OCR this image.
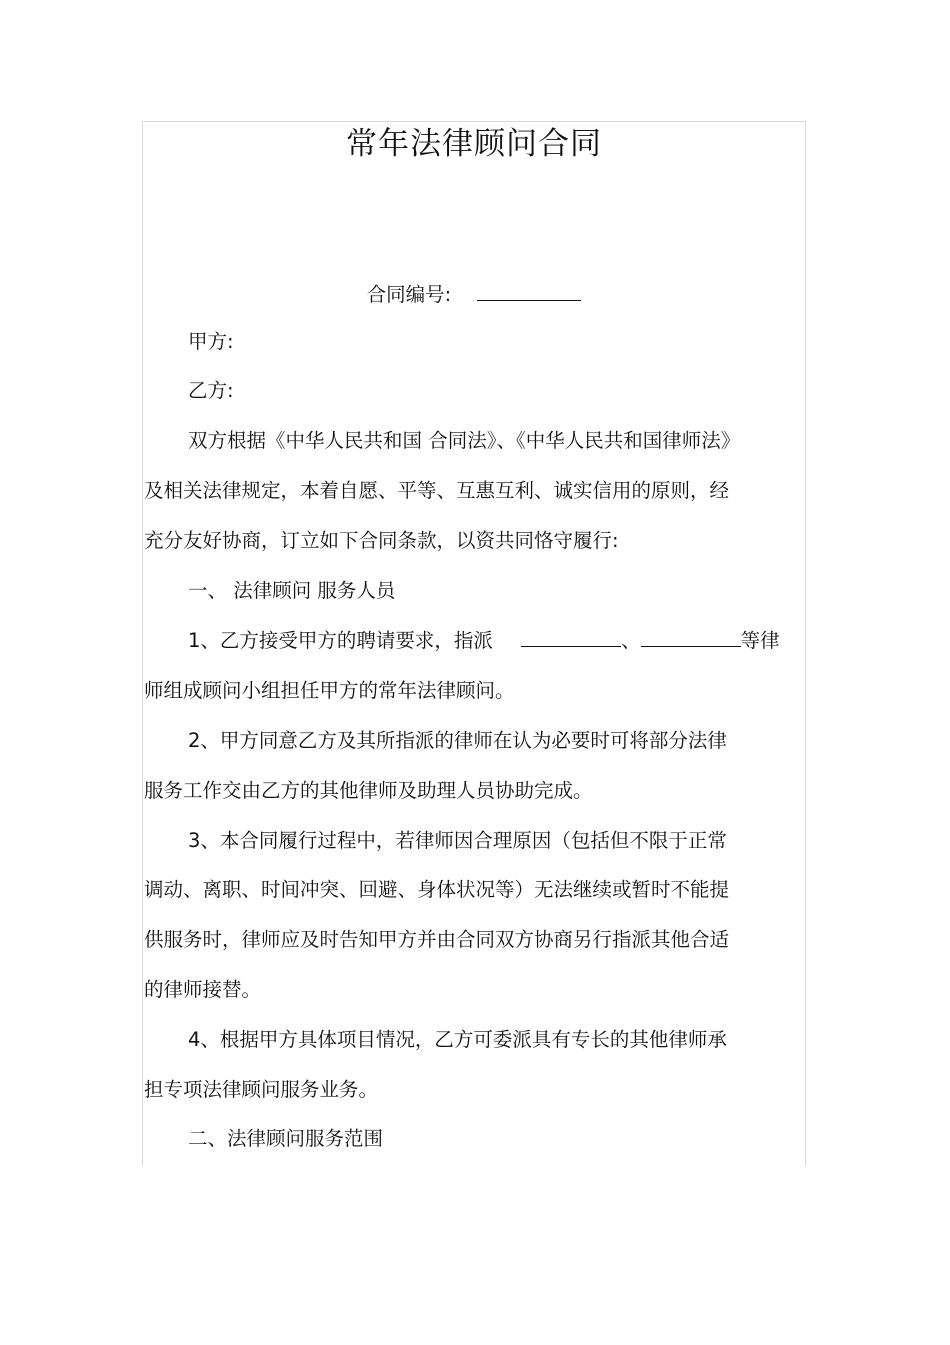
常年法律顾问合同
合同编号:
甲方:
乙方:
双方根据《中华人民共和国 合同法》、《中华人民共和国律师法》
及相关法律规定，本着自愿、平等、互惠互利、诚实信用的原则，经
充分友好协商，订立如下合同条款，以资共同恪守履行:
一、 法律顾问 服务人员
1、乙方接受甲方的聘请要求，指派	、	等律
师组成顾问小组担任甲方的常年法律顾问。
2、甲方同意乙方及其所指派的律师在认为必要时可将部分法律
服务工作交由乙方的其他律师及助理人员协助完成。
3、本合同履行过程中，若律师因合理原因（包括但不限于正常
调动、离职、时间冲突、回避、身体状况等）无法继续或暂时不能提
供服务时，律师应及时告知甲方并由合同双方协商另行指派其他合适
的律师接替。
4、根据甲方具体项目情况，乙方可委派具有专长的其他律师承
担专项法律顾问服务业务。
二、法律顾问服务范围
